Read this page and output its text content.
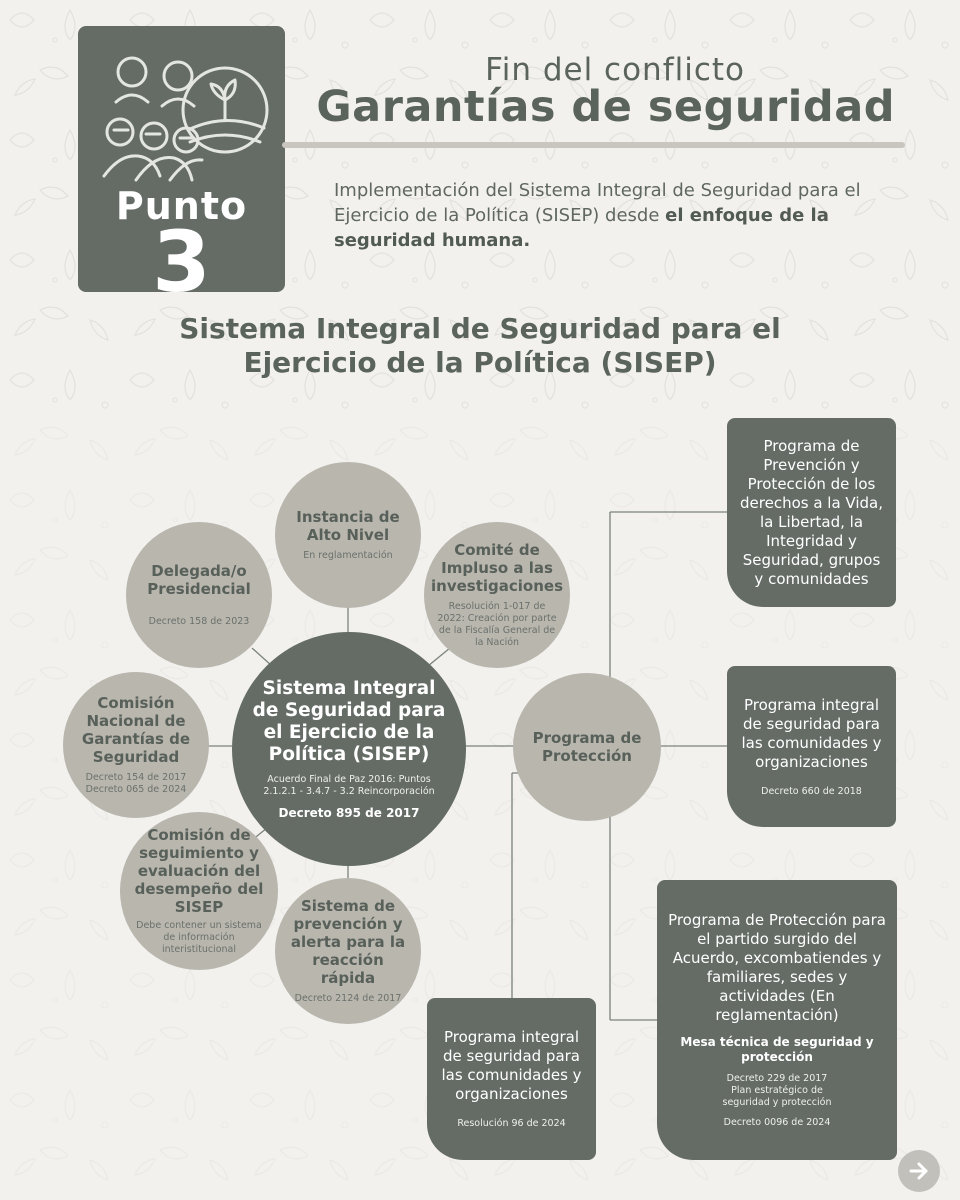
Punto
3
Fin del conflicto
Garantías de seguridad
Implementación del Sistema Integral de Seguridad para el Ejercicio de la Política (SISEP) desde el enfoque de la seguridad humana.
Sistema Integral de Seguridad para el Ejercicio de la Política (SISEP)
Instancia de Alto Nivel
En reglamentación
Delegada/o Presidencial
Decreto 158 de 2023
Comité de Impluso a las investigaciones
Resolución 1-017 de 2022: Creación por parte de la Fiscalía General de la Nación
Comisión Nacional de Garantías de Seguridad
Decreto 154 de 2017 Decreto 065 de 2024
Comisión de seguimiento y evaluación del desempeño del SISEP
Debe contener un sistema de información interistitucional
Sistema de prevención y alerta para la reacción rápida
Decreto 2124 de 2017
Programa de Protección
Sistema Integral de Seguridad para el Ejercicio de la Política (SISEP)
Acuerdo Final de Paz 2016: Puntos 2.1.2.1 - 3.4.7 - 3.2 Reincorporación
Decreto 895 de 2017
Programa de Prevención y Protección de los derechos a la Vida, la Libertad, la Integridad y Seguridad, grupos y comunidades
Programa integral de seguridad para las comunidades y organizaciones
Decreto 660 de 2018
Programa de Protección para el partido surgido del Acuerdo, excombatiendes y familiares, sedes y actividades (En reglamentación)
Mesa técnica de seguridad y protección
Decreto 229 de 2017 Plan estratégico de seguridad y protección
Decreto 0096 de 2024
Programa integral de seguridad para las comunidades y organizaciones
Resolución 96 de 2024
